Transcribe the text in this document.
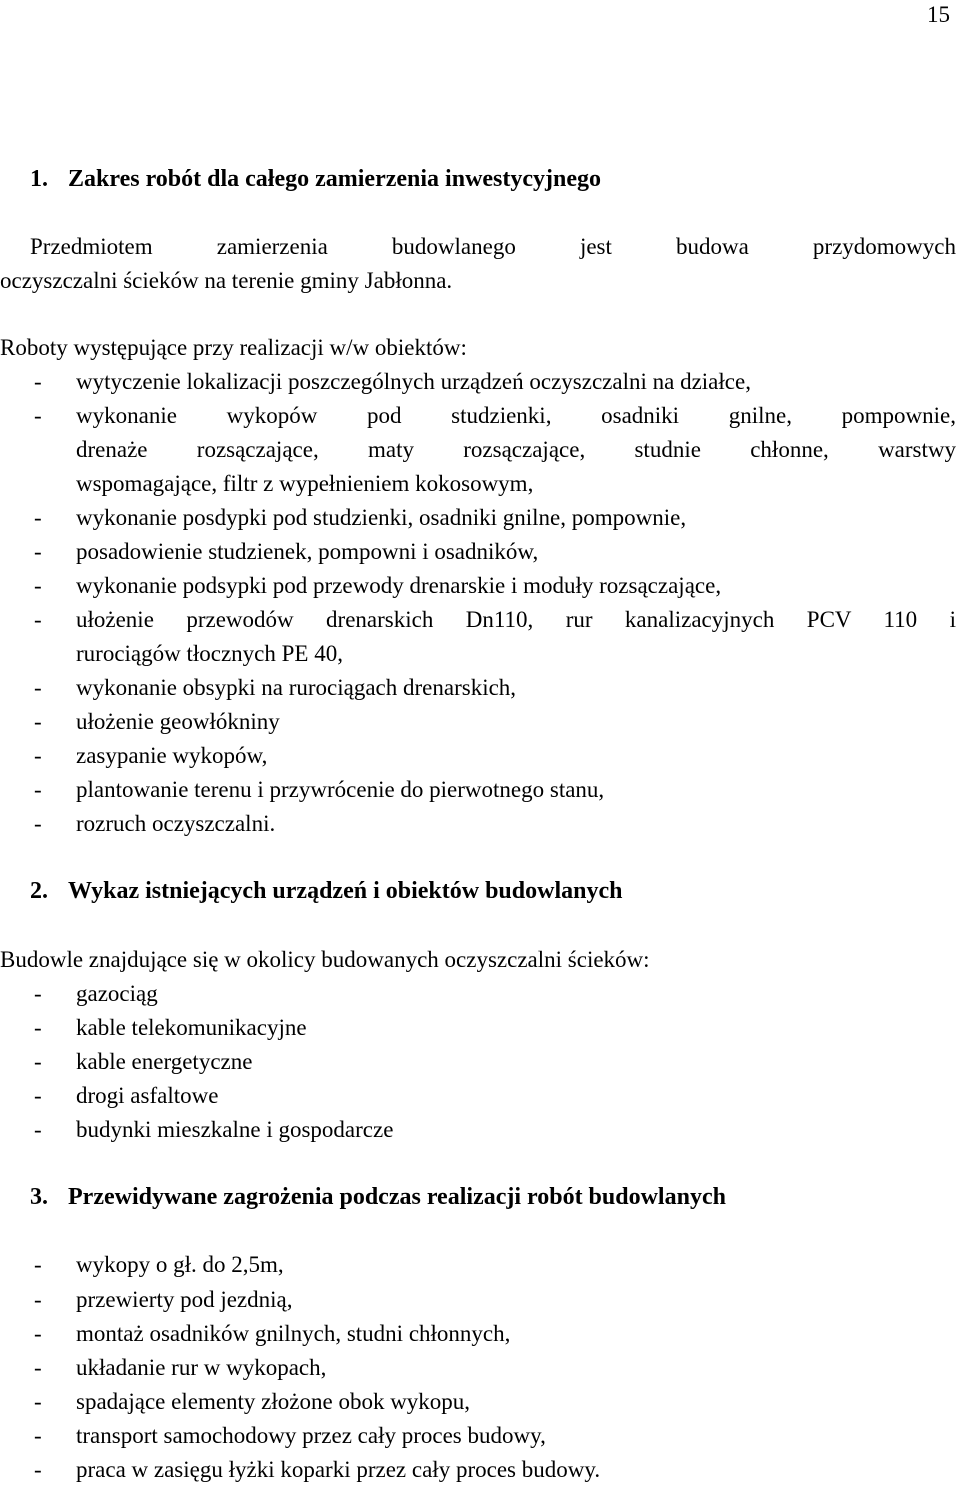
15
1. Zakres robót dla całego zamierzenia inwestycyjnego
Przedmiotem zamierzenia budowlanego jest budowa przydomowych
oczyszczalni ścieków na terenie gminy Jabłonna.
Roboty występujące przy realizacji w/w obiektów:
- wytyczenie lokalizacji poszczególnych urządzeń oczyszczalni na działce,
- wykonanie wykopów pod studzienki, osadniki gnilne, pompownie,
drenaże rozsączające, maty rozsączające, studnie chłonne, warstwy
wspomagające, filtr z wypełnieniem kokosowym,
- wykonanie posdypki pod studzienki, osadniki gnilne, pompownie,
- posadowienie studzienek, pompowni i osadników,
- wykonanie podsypki pod przewody drenarskie i moduły rozsączające,
- ułożenie przewodów drenarskich Dn110, rur kanalizacyjnych PCV 110 i
rurociągów tłocznych PE 40,
- wykonanie obsypki na rurociągach drenarskich,
- ułożenie geowłókniny
- zasypanie wykopów,
- plantowanie terenu i przywrócenie do pierwotnego stanu,
- rozruch oczyszczalni.
2. Wykaz istniejących urządzeń i obiektów budowlanych
Budowle znajdujące się w okolicy budowanych oczyszczalni ścieków:
- gazociąg
- kable telekomunikacyjne
- kable energetyczne
- drogi asfaltowe
- budynki mieszkalne i gospodarcze
3. Przewidywane zagrożenia podczas realizacji robót budowlanych
- wykopy o gł. do 2,5m,
- przewierty pod jezdnią,
- montaż osadników gnilnych, studni chłonnych,
- układanie rur w wykopach,
- spadające elementy złożone obok wykopu,
- transport samochodowy przez cały proces budowy,
- praca w zasięgu łyżki koparki przez cały proces budowy.
